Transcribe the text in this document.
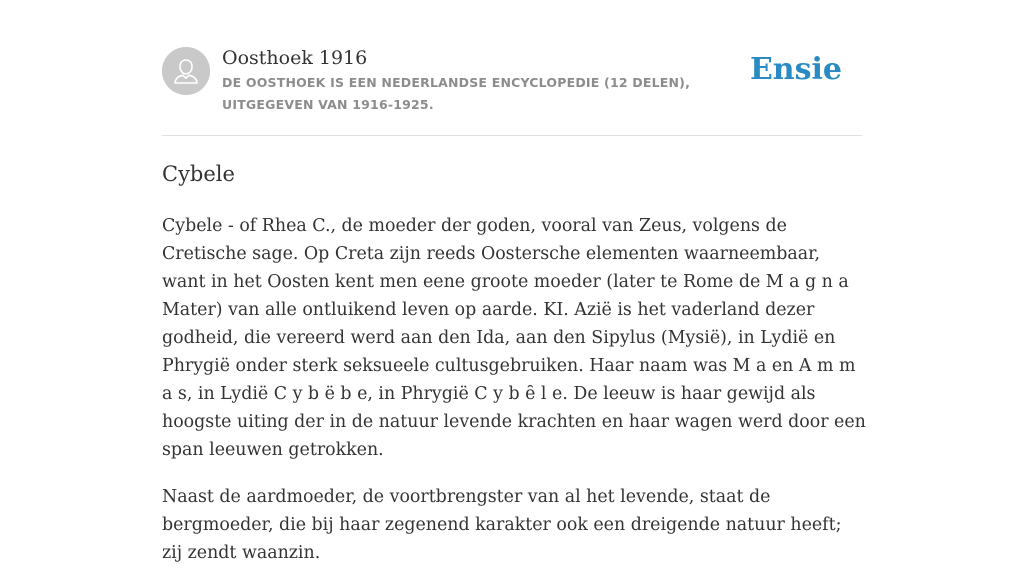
Oosthoek 1916
DE OOSTHOEK IS EEN NEDERLANDSE ENCYCLOPEDIE (12 DELEN), UITGEGEVEN VAN 1916-1925.
Ensie
Cybele

Cybele - of Rhea C., de moeder der goden, vooral van Zeus, volgens de Cretische sage. Op Creta zijn reeds Oostersche elementen waarneembaar, want in het Oosten kent men eene groote moeder (later te Rome de M a g n a Mater) van alle ontluikend leven op aarde. KI. Azië is het vaderland dezer godheid, die vereerd werd aan den Ida, aan den Sipylus (Mysië), in Lydië en Phrygië onder sterk seksueele cultusgebruiken. Haar naam was M a en A m m a s, in Lydië C y b ë b e, in Phrygië C y b ȇ l e. De leeuw is haar gewijd als hoogste uiting der in de natuur levende krachten en haar wagen werd door een span leeuwen getrokken.

Naast de aardmoeder, de voortbrengster van al het levende, staat de bergmoeder, die bij haar zegenend karakter ook een dreigende natuur heeft; zij zendt waanzin.
